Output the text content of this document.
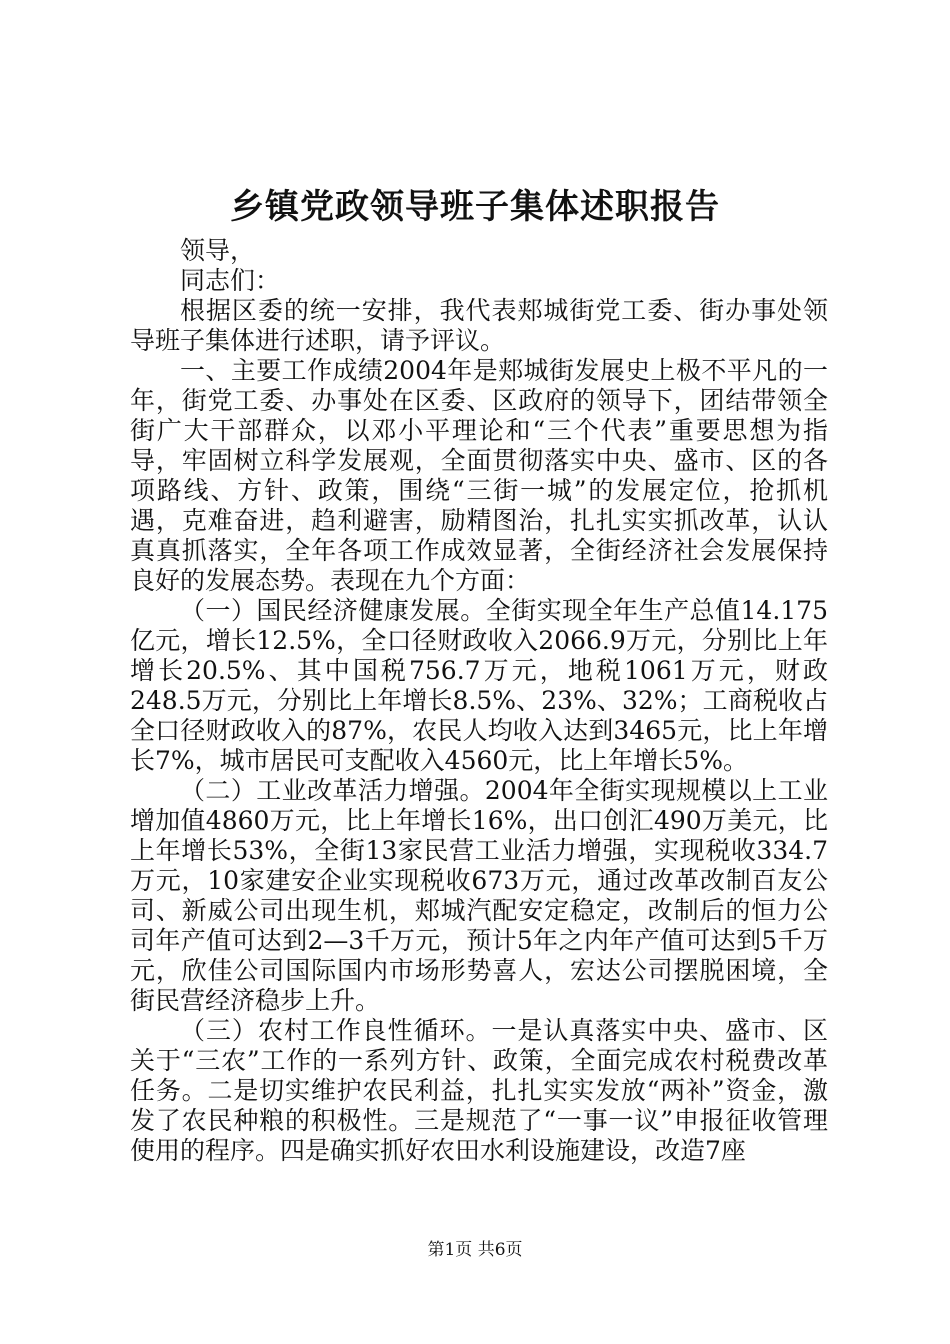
乡镇党政领导班子集体述职报告

领导，

同志们：

根据区委的统一安排，我代表郏城街党工委、街办事处领导班子集体进行述职，请予评议。

一、主要工作成绩2004年是郏城街发展史上极不平凡的一年，街党工委、办事处在区委、区政府的领导下，团结带领全街广大干部群众，以邓小平理论和“三个代表”重要思想为指导，牢固树立科学发展观，全面贯彻落实中央、盛市、区的各项路线、方针、政策，围绕“三街一城”的发展定位，抢抓机遇，克难奋进，趋利避害，励精图治，扎扎实实抓改革，认认真真抓落实，全年各项工作成效显著，全街经济社会发展保持良好的发展态势。表现在九个方面：

（一）国民经济健康发展。全街实现全年生产总值14.175亿元，增长12.5%，全口径财政收入2066.9万元，分别比上年增长20.5%、其中国税756.7万元，地税1061万元，财政248.5万元，分别比上年增长8.5%、23%、32%；工商税收占全口径财政收入的87%，农民人均收入达到3465元，比上年增长7%，城市居民可支配收入4560元，比上年增长5%。

（二）工业改革活力增强。2004年全街实现规模以上工业增加值4860万元，比上年增长16%，出口创汇490万美元，比上年增长53%，全街13家民营工业活力增强，实现税收334.7万元，10家建安企业实现税收673万元，通过改革改制百友公司、新威公司出现生机，郏城汽配安定稳定，改制后的恒力公司年产值可达到2—3千万元，预计5年之内年产值可达到5千万元，欣佳公司国际国内市场形势喜人，宏达公司摆脱困境，全街民营经济稳步上升。

（三）农村工作良性循环。一是认真落实中央、盛市、区关于“三农”工作的一系列方针、政策，全面完成农村税费改革任务。二是切实维护农民利益，扎扎实实发放“两补”资金，激发了农民种粮的积极性。三是规范了“一事一议”申报征收管理使用的程序。四是确实抓好农田水利设施建设，改造7座

第1页 共6页
